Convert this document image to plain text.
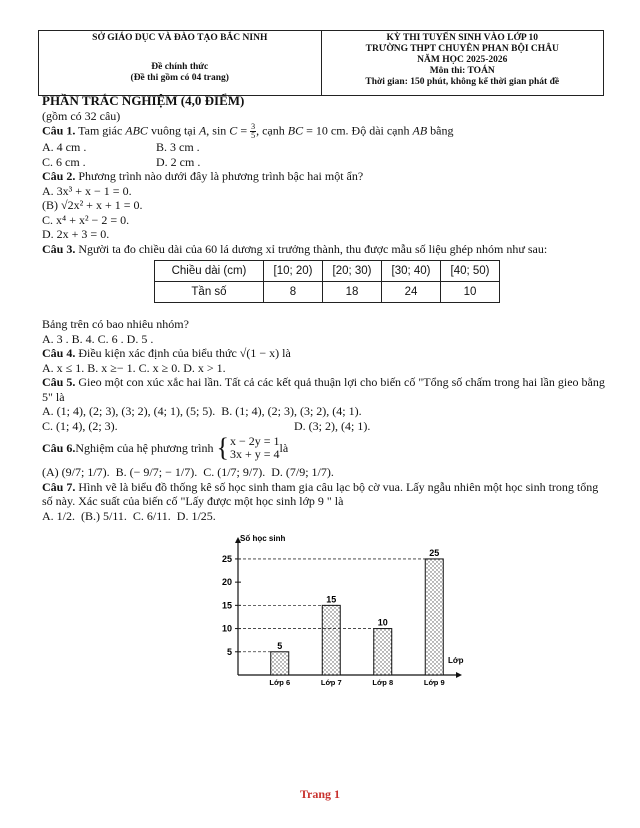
SỞ GIÁO DỤC VÀ ĐÀO TẠO BẮC NINH
Đề chính thức
(Đề thi gồm có 04 trang)
KỲ THI TUYỂN SINH VÀO LỚP 10
TRƯỜNG THPT CHUYÊN PHAN BỘI CHÂU
NĂM HỌC 2025-2026
Môn thi: TOÁN
Thời gian: 150 phút, không kể thời gian phát đề
PHẦN TRẮC NGHIỆM (4,0 ĐIỂM)
(gồm có 32 câu)
Câu 1. Tam giác ABC vuông tại A, $\sin C = \frac{3}{5}$ , cạnh BC = 10 cm. Độ dài cạnh AB bằng
A. 4 cm .	B. 3 cm .
C. 6 cm .	D. 2 cm .
Câu 2. Phương trình nào dưới đây là phương trình bậc hai một ẩn?
A. 3x³ + x − 1 = 0.
(B) √2x² + x + 1 = 0.
C. x⁴ + x² − 2 = 0.
D. 2x + 3 = 0.
Câu 3. Người ta đo chiều dài của 60 lá dương xỉ trưởng thành, thu được mẫu số liệu ghép nhóm như sau:
Chiều dài (cm)	[10; 20)	[20; 30)	[30; 40)	[40; 50)
Tần số	8	18	24	10
Bảng trên có bao nhiêu nhóm?
A. 3 . B. 4. C. 6 . D. 5 .
Câu 4. Điều kiện xác định của biểu thức √(1 − x) là
A. x ≤ 1. B. x ≥− 1. C. x ≥ 0. D. x > 1.
Câu 5. Gieo một con xúc xắc hai lần. Tất cả các kết quả thuận lợi cho biến cố "Tổng số chấm trong hai lần gieo bằng 5" là
A. (1; 4), (2; 3), (3; 2), (4; 1), (5; 5). B. (1; 4), (2; 3), (3; 2), (4; 1).
C. (1; 4), (2; 3).	D. (3; 2), (4; 1).
Câu 6. Nghiệm của hệ phương trình { x − 2y = 1
3x + y = 4 là
(A) (9/7; 1/7). B. (− 9/7; − 1/7). C. (1/7; 9/7). D. (7/9; 1/7).
Câu 7. Hình vẽ là biểu đồ thống kê số học sinh tham gia câu lạc bộ cờ vua. Lấy ngẫu nhiên một học sinh trong tổng số này. Xác suất của biến cố "Lấy được một học sinh lớp 9 " là
A. 1/2. (B.) 5/11. C. 6/11. D. 1/25.
Số học sinh
Lớp
5
10
15
20
25
5
Lớp 6
15
Lớp 7
10
Lớp 8
25
Lớp 9
Trang 1
